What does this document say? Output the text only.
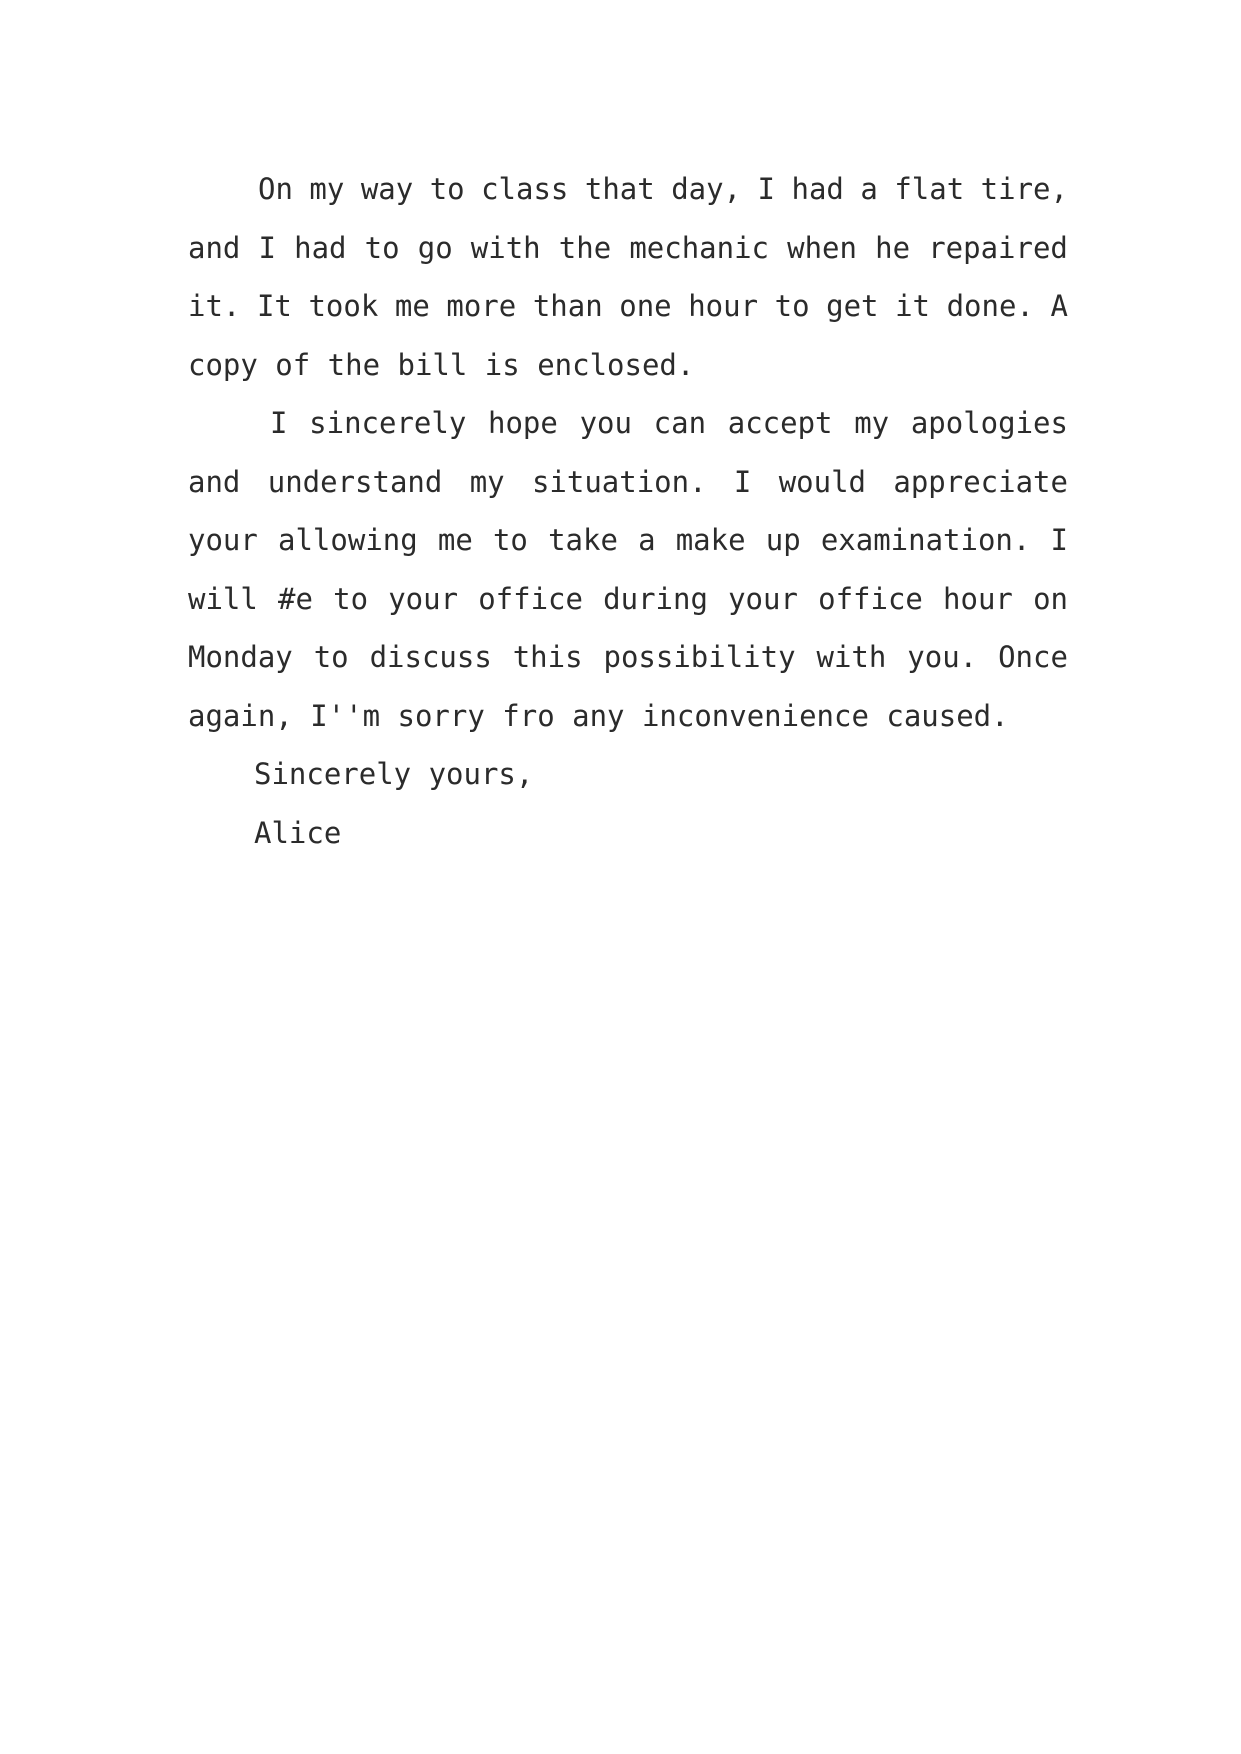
On my way to class that day, I had a flat tire,
and I had to go with the mechanic when he repaired
it. It took me more than one hour to get it done. A
copy of the bill is enclosed.
I sincerely hope you can accept my apologies
and understand my situation. I would appreciate
your allowing me to take a make up examination. I
will #e to your office during your office hour on
Monday to discuss this possibility with you. Once
again, I''m sorry fro any inconvenience caused.
Sincerely yours,
Alice
